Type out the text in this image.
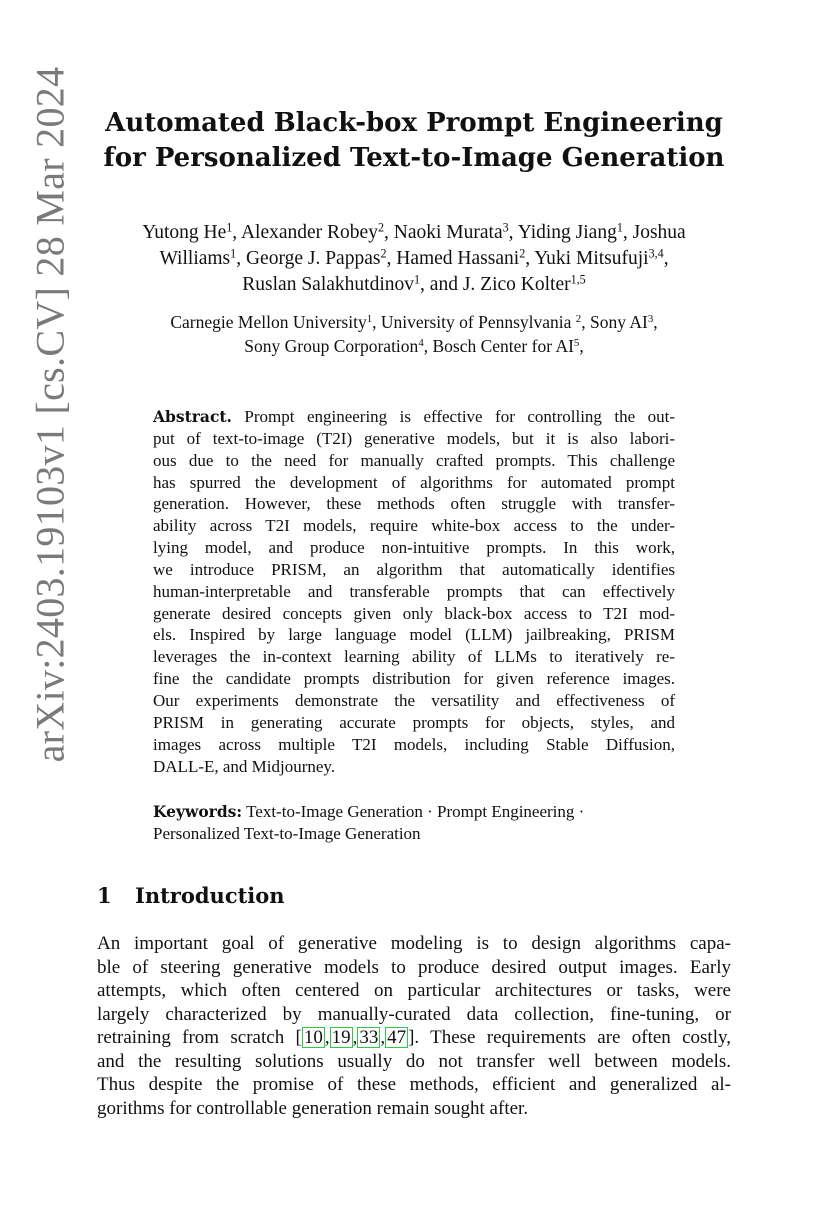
arXiv:2403.19103v1 [cs.CV] 28 Mar 2024	Automated Black-box Prompt Engineering
for Personalized Text-to-Image Generation
Yutong He$^1$, Alexander Robey$^2$, Naoki Murata$^3$, Yiding Jiang$^1$, Joshua
Williams$^1$, George J. Pappas$^2$, Hamed Hassani$^2$, Yuki Mitsufuji$^{3,4}$,
Ruslan Salakhutdinov$^1$, and J. Zico Kolter$^{1,5}$
Carnegie Mellon University$^1$, University of Pennsylvania $^2$, Sony $AI^3$,
Sony Group Corporation$^4$, Bosch Center for $AI^5$,
Abstract. Prompt engineering is effective for controlling the out-
put of text-to-image (T2I) generative models, but it is also labori-
ous due to the need for manually crafted prompts. This challenge
has spurred the development of algorithms for automated prompt
generation. However, these methods often struggle with transfer-
ability across T2I models, require white-box access to the under-
lying model, and produce non-intuitive prompts. In this work,
we introduce PRISM, an algorithm that automatically identifies
human-interpretable and transferable prompts that can effectively
generate desired concepts given only black-box access to T2I mod-
els. Inspired by large language model (LLM) jailbreaking, PRISM
leverages the in-context learning ability of LLMs to iteratively re-
fine the candidate prompts distribution for given reference images.
Our experiments demonstrate the versatility and effectiveness of
PRISM in generating accurate prompts for objects, styles, and
images across multiple T2I models, including Stable Diffusion,
DALL-E, and Midjourney.
Keywords: Text-to-Image Generation · Prompt Engineering ·
Personalized Text-to-Image Generation
1 Introduction
An important goal of generative modeling is to design algorithms capa-
ble of steering generative models to produce desired output images. Early
attempts, which often centered on particular architectures or tasks, were
largely characterized by manually-curated data collection, fine-tuning, or
retraining from scratch [ 10 , 19 , 33 , 47 ]. These requirements are often costly,
and the resulting solutions usually do not transfer well between models.
Thus despite the promise of these methods, efficient and generalized al-
gorithms for controllable generation remain sought after.
